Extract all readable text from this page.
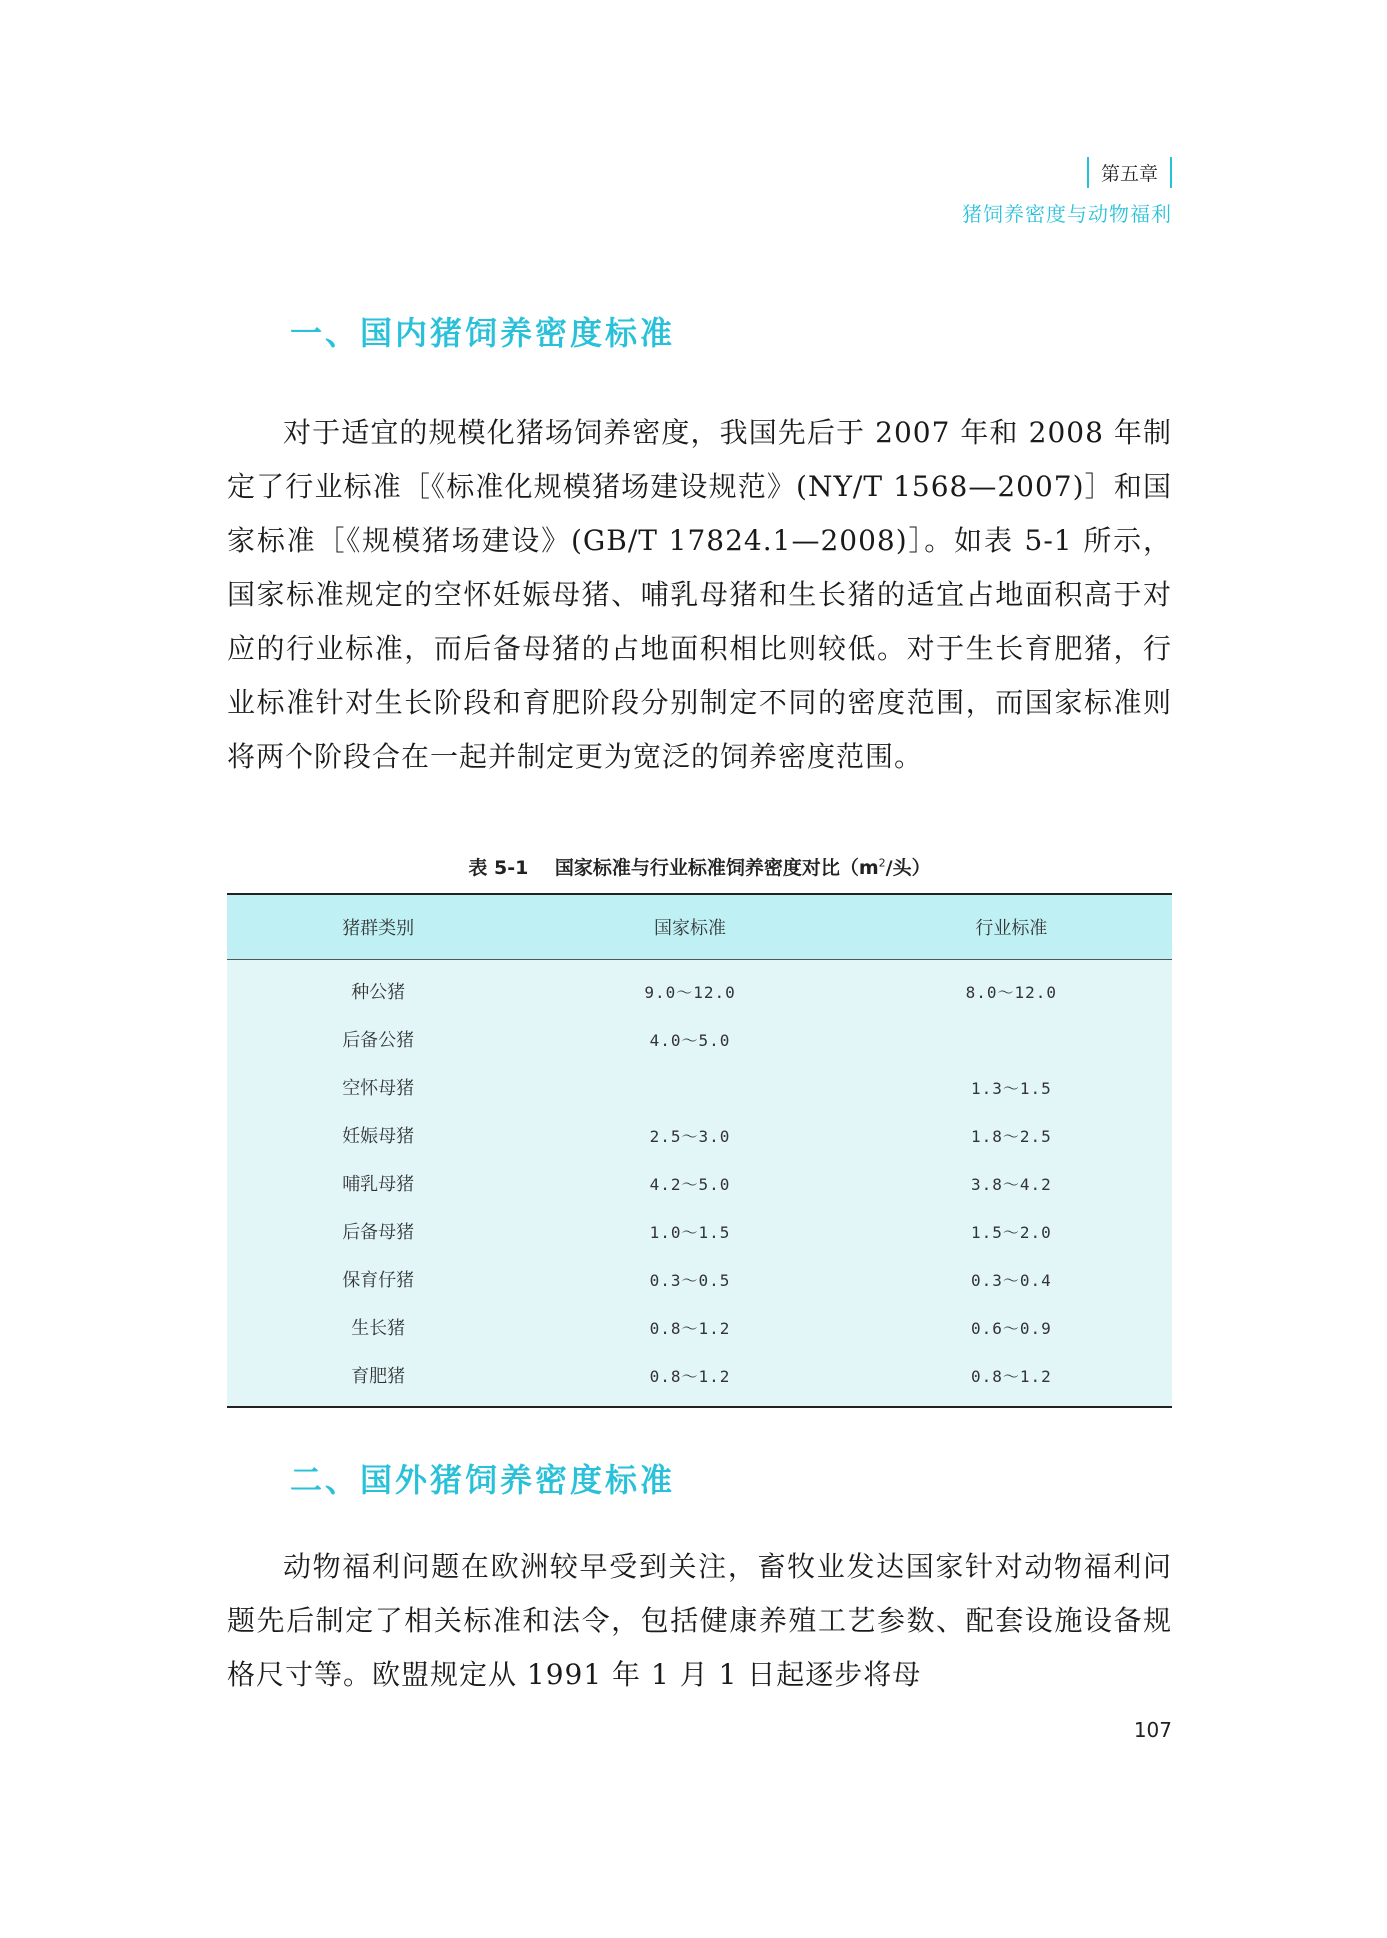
第五章
猪饲养密度与动物福利
一、国内猪饲养密度标准

对于适宜的规模化猪场饲养密度，我国先后于 2007 年和 2008 年制定了行业标准［《标准化规模猪场建设规范》(NY/T 1568—2007)］和国家标准［《规模猪场建设》(GB/T 17824.1—2008)］。如表 5-1 所示，国家标准规定的空怀妊娠母猪、哺乳母猪和生长猪的适宜占地面积高于对应的行业标准，而后备母猪的占地面积相比则较低。对于生长育肥猪，行业标准针对生长阶段和育肥阶段分别制定不同的密度范围，而国家标准则将两个阶段合在一起并制定更为宽泛的饲养密度范围。

表 5-1 国家标准与行业标准饲养密度对比（$m^2/$头）
猪群类别	国家标准	行业标准
种公猪	9.0～12.0	8.0～12.0
后备公猪	4.0～5.0	
空怀母猪		1.3～1.5
妊娠母猪	2.5～3.0	1.8～2.5
哺乳母猪	4.2～5.0	3.8～4.2
后备母猪	1.0～1.5	1.5～2.0
保育仔猪	0.3～0.5	0.3～0.4
生长猪	0.8～1.2	0.6～0.9
育肥猪	0.8～1.2	0.8～1.2
二、国外猪饲养密度标准

动物福利问题在欧洲较早受到关注，畜牧业发达国家针对动物福利问题先后制定了相关标准和法令，包括健康养殖工艺参数、配套设施设备规格尺寸等。欧盟规定从 1991 年 1 月 1 日起逐步将母

107
